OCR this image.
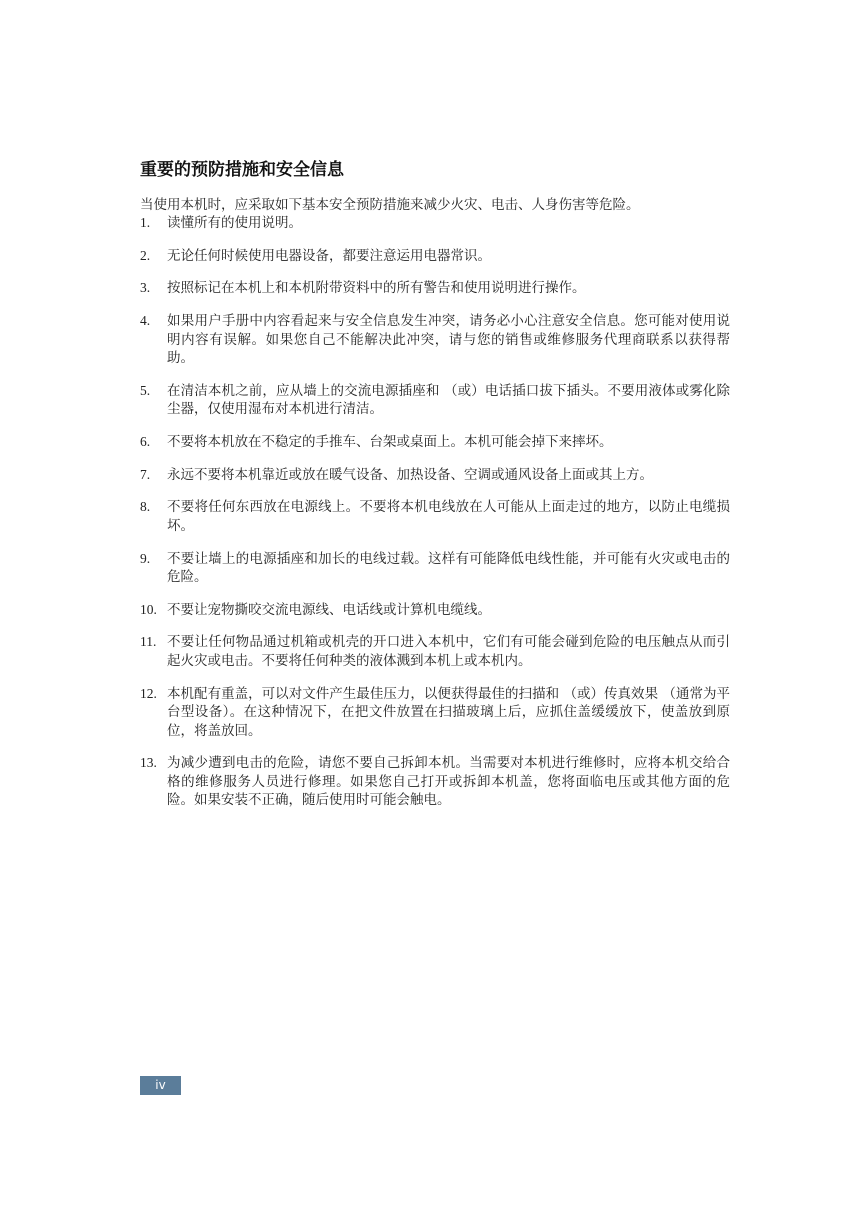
重要的预防措施和安全信息

当使用本机时，应采取如下基本安全预防措施来减少火灾、电击、人身伤害等危险。

1.	读懂所有的使用说明。
2.	无论任何时候使用电器设备，都要注意运用电器常识。
3.	按照标记在本机上和本机附带资料中的所有警告和使用说明进行操作。
4.	如果用户手册中内容看起来与安全信息发生冲突，请务必小心注意安全信息。您可能对使用说明内容有误解。如果您自己不能解决此冲突，请与您的销售或维修服务代理商联系以获得帮助。
5.	在清洁本机之前，应从墙上的交流电源插座和 （或）电话插口拔下插头。不要用液体或雾化除尘器，仅使用湿布对本机进行清洁。
6.	不要将本机放在不稳定的手推车、台架或桌面上。本机可能会掉下来摔坏。
7.	永远不要将本机靠近或放在暖气设备、加热设备、空调或通风设备上面或其上方。
8.	不要将任何东西放在电源线上。不要将本机电线放在人可能从上面走过的地方，以防止电缆损坏。
9.	不要让墙上的电源插座和加长的电线过载。这样有可能降低电线性能，并可能有火灾或电击的危险。
10. 不要让宠物撕咬交流电源线、电话线或计算机电缆线。
11. 不要让任何物品通过机箱或机壳的开口进入本机中，它们有可能会碰到危险的电压触点从而引起火灾或电击。不要将任何种类的液体溅到本机上或本机内。
12. 本机配有重盖，可以对文件产生最佳压力，以便获得最佳的扫描和 （或）传真效果 （通常为平台型设备）。在这种情况下，在把文件放置在扫描玻璃上后，应抓住盖缓缓放下，使盖放到原位，将盖放回。
13. 为减少遭到电击的危险，请您不要自己拆卸本机。当需要对本机进行维修时，应将本机交给合格的维修服务人员进行修理。如果您自己打开或拆卸本机盖，您将面临电压或其他方面的危险。如果安装不正确，随后使用时可能会触电。
iv
